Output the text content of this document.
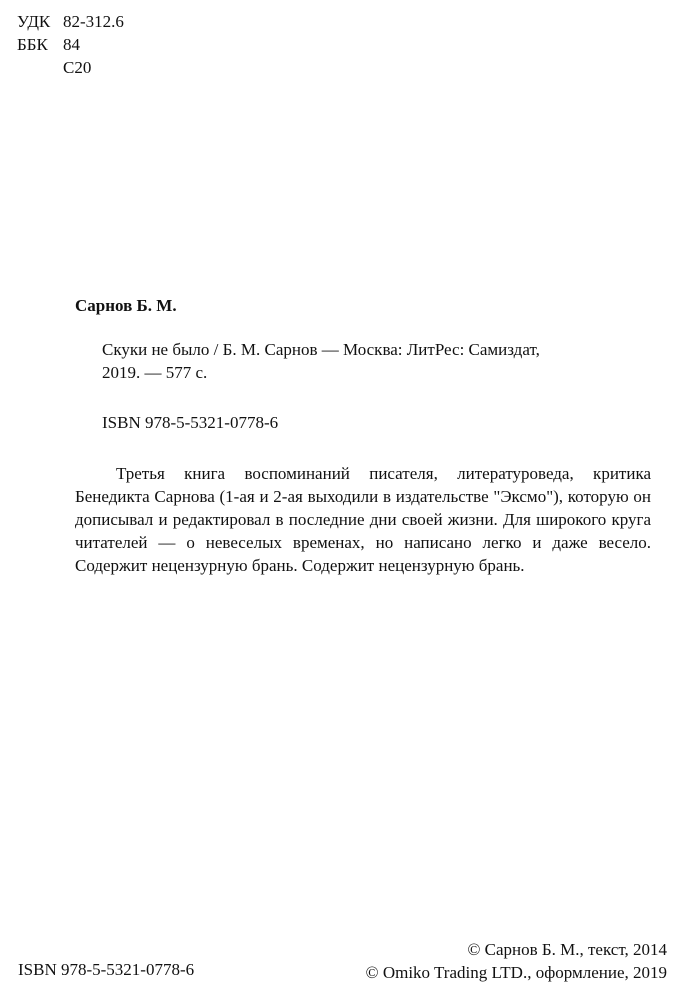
УДК 82-312.6
ББК 84
С20
Сарнов Б. М.
Скуки не было / Б. М. Сарнов — Москва: ЛитРес: Самиздат,
2019. — 577 с.
ISBN 978-5-5321-0778-6
Третья книга воспоминаний писателя, литературоведа, критика Бенедикта Сарнова (1-ая и 2-ая выходили в издательстве "Эксмо"), которую он дописывал и редактировал в последние дни своей жизни. Для широкого круга читателей — о невеселых временах, но написано легко и даже весело. Содержит нецензурную брань. Содержит нецензурную брань.
ISBN 978-5-5321-0778-6
© Сарнов Б. М., текст, 2014
© Omiko Trading LTD., оформление, 2019
